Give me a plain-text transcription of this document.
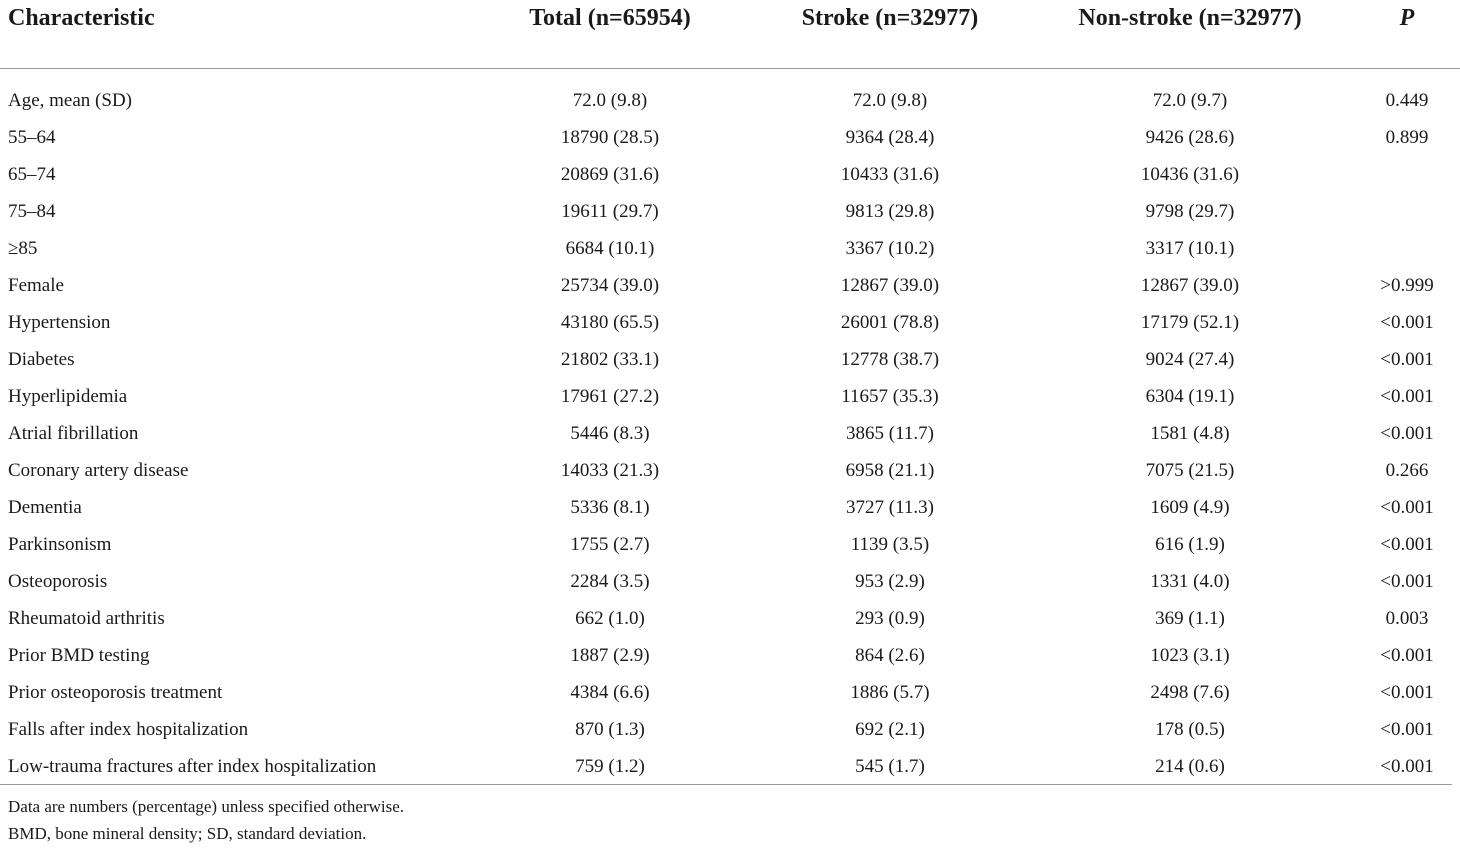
Characteristic	Total (n=65954)	Stroke (n=32977)	Non-stroke (n=32977)	P
Age, mean (SD)	72.0 (9.8)	72.0 (9.8)	72.0 (9.7)	0.449
55–64	18790 (28.5)	9364 (28.4)	9426 (28.6)	0.899
65–74	20869 (31.6)	10433 (31.6)	10436 (31.6)	
75–84	19611 (29.7)	9813 (29.8)	9798 (29.7)	
≥85	6684 (10.1)	3367 (10.2)	3317 (10.1)	
Female	25734 (39.0)	12867 (39.0)	12867 (39.0)	>0.999
Hypertension	43180 (65.5)	26001 (78.8)	17179 (52.1)	<0.001
Diabetes	21802 (33.1)	12778 (38.7)	9024 (27.4)	<0.001
Hyperlipidemia	17961 (27.2)	11657 (35.3)	6304 (19.1)	<0.001
Atrial fibrillation	5446 (8.3)	3865 (11.7)	1581 (4.8)	<0.001
Coronary artery disease	14033 (21.3)	6958 (21.1)	7075 (21.5)	0.266
Dementia	5336 (8.1)	3727 (11.3)	1609 (4.9)	<0.001
Parkinsonism	1755 (2.7)	1139 (3.5)	616 (1.9)	<0.001
Osteoporosis	2284 (3.5)	953 (2.9)	1331 (4.0)	<0.001
Rheumatoid arthritis	662 (1.0)	293 (0.9)	369 (1.1)	0.003
Prior BMD testing	1887 (2.9)	864 (2.6)	1023 (3.1)	<0.001
Prior osteoporosis treatment	4384 (6.6)	1886 (5.7)	2498 (7.6)	<0.001
Falls after index hospitalization	870 (1.3)	692 (2.1)	178 (0.5)	<0.001
Low-trauma fractures after index hospitalization	759 (1.2)	545 (1.7)	214 (0.6)	<0.001
Data are numbers (percentage) unless specified otherwise.
BMD, bone mineral density; SD, standard deviation.
